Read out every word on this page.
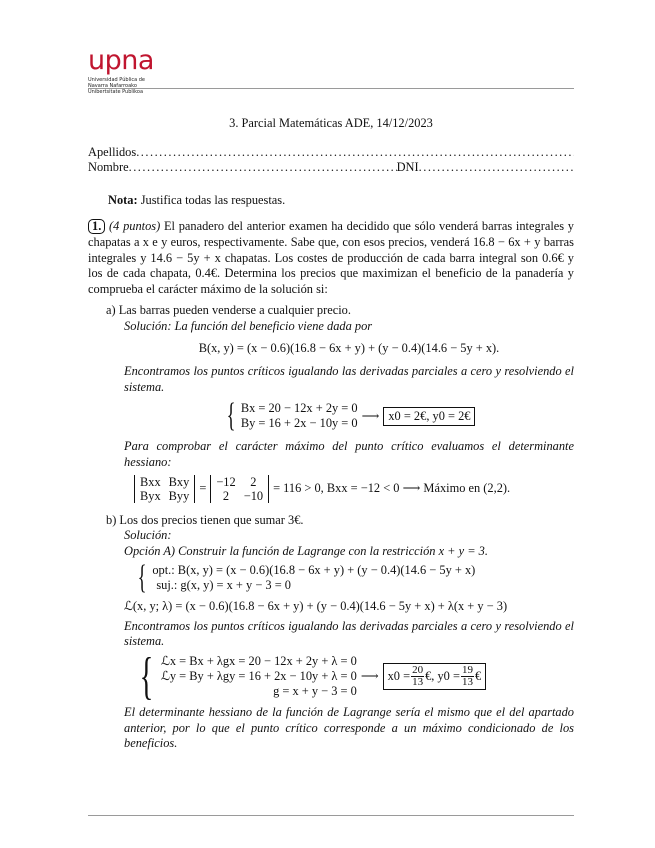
upna
Universidad Pública de Navarra Nafarroako Unibertsitate Publikoa
3. Parcial Matemáticas ADE, 14/12/2023
Apellidos
.....
Nombre
.....	DNI
.....
Nota: Justifica todas las respuestas.
1. (4 puntos) El panadero del anterior examen ha decidido que sólo venderá barras integrales y chapatas a x e y euros, respectivamente. Sabe que, con esos precios, venderá 16.8 − 6x + y barras integrales y 14.6 − 5y + x chapatas. Los costes de producción de cada barra integral son 0.6€ y los de cada chapata, 0.4€. Determina los precios que maximizan el beneficio de la panadería y comprueba el carácter máximo de la solución si:
a) Las barras pueden venderse a cualquier precio.

Solución: La función del beneficio viene dada por

B(x, y) = (x − 0.6)(16.8 − 6x + y) + (y − 0.4)(14.6 − 5y + x).

Encontramos los puntos críticos igualando las derivadas parciales a cero y resolviendo el sistema.

{ Bx = 20 − 12x + 2y = 0
By = 16 + 2x − 10y = 0
⟶ x0 = 2€, y0 = 2€

Para comprobar el carácter máximo del punto crítico evaluamos el determinante hessiano:

Bxx Bxy
Byx Byy
= −12	2
2	−10
= 116 > 0, Bxx = −12 < 0 ⟶ Máximo en (2,2).
b) Los dos precios tienen que sumar 3€.

Solución:

Opción A) Construir la función de Lagrange con la restricción x + y = 3.

{ opt.: B(x, y) = (x − 0.6)(16.8 − 6x + y) + (y − 0.4)(14.6 − 5y + x)
suj.: g(x, y) = x + y − 3 = 0
ℒ(x, y; λ) = (x − 0.6)(16.8 − 6x + y) + (y − 0.4)(14.6 − 5y + x) + λ(x + y − 3)

Encontramos los puntos críticos igualando las derivadas parciales a cero y resolviendo el sistema.

{ ℒx = Bx + λgx = 20 − 12x + 2y + λ = 0
ℒy = By + λgy = 16 + 2x − 10y + λ = 0
g = x + y − 3 = 0
⟶ $x0 = \frac{20}{13}$ €, $y0 = \frac{19}{13}$ €

El determinante hessiano de la función de Lagrange sería el mismo que el del apartado anterior, por lo que el punto crítico corresponde a un máximo condicionado de los beneficios.
